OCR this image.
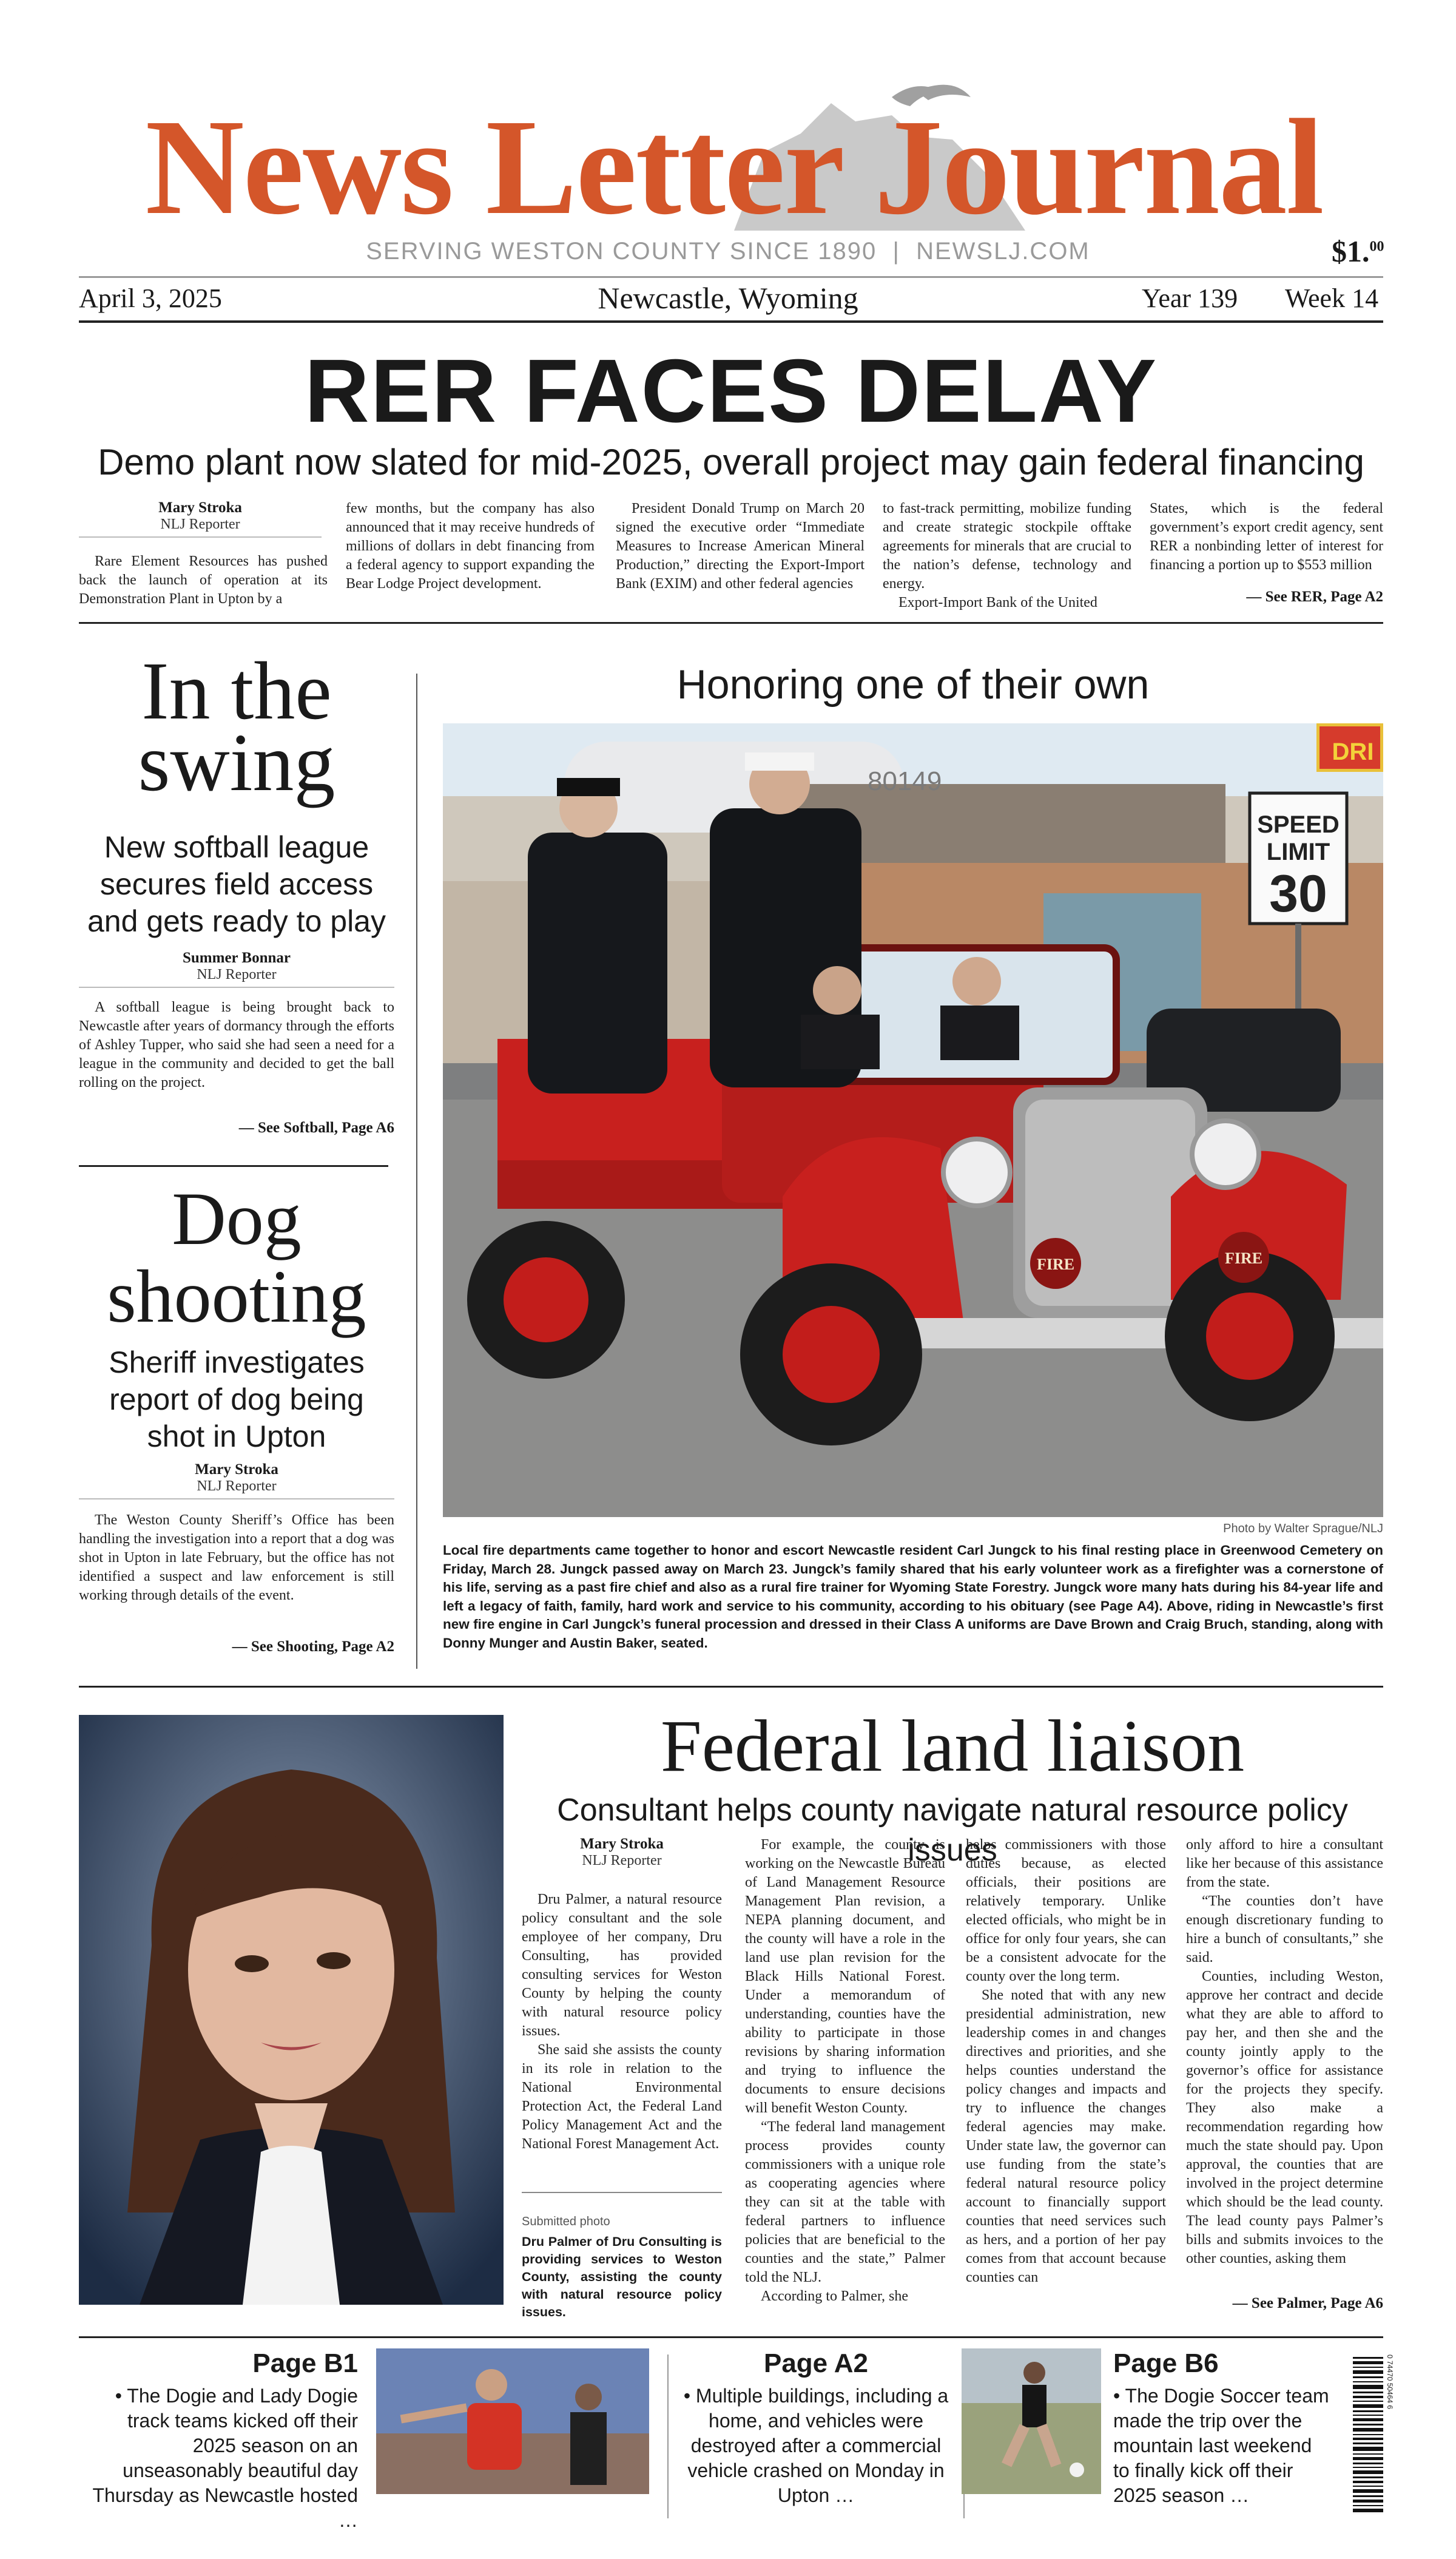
News Letter Journal
SERVING WESTON COUNTY SINCE 1890  |  NEWSLJ.COM	$1.00
April 3, 2025	Newcastle, Wyoming	Year 139 Week 14
RER FACES DELAY
Demo plant now slated for mid-2025, overall project may gain federal financing
Mary Stroka
NLJ Reporter

Rare Element Resources has pushed back the launch of operation at its Demonstration Plant in Upton by a

few months, but the company has also announced that it may receive hundreds of millions of dollars in debt financing from a federal agency to support expanding the Bear Lodge Project development.

President Donald Trump on March 20 signed the executive order “Immediate Measures to Increase American Mineral Production,” directing the Export-Import Bank (EXIM) and other federal agencies

to fast-track permitting, mobilize funding and create strategic stockpile offtake agreements for minerals that are crucial to the nation’s defense, technology and energy.

Export-Import Bank of the United

States, which is the federal government’s export credit agency, sent RER a nonbinding letter of interest for financing a portion up to $553 million

— See RER, Page A2
In the
swing
New softball league secures field access and gets ready to play
Summer Bonnar
NLJ Reporter

A softball league is being brought back to Newcastle after years of dormancy through the efforts of Ashley Tupper, who said she had seen a need for a league in the community and decided to get the ball rolling on the project.

— See Softball, Page A6
Dog
shooting
Sheriff investigates report of dog being shot in Upton
Mary Stroka
NLJ Reporter

The Weston County Sheriff’s Office has been handling the investigation into a report that a dog was shot in Upton in late February, but the office has not identified a suspect and law enforcement is still working through details of the event.

— See Shooting, Page A2
Honoring one of their own
80149
SPEED
LIMIT
30
FIRE	FIRE
DRI
Photo by Walter Sprague/NLJ
Local fire departments came together to honor and escort Newcastle resident Carl Jungck to his final resting place in Greenwood Cemetery on Friday, March 28. Jungck passed away on March 23. Jungck’s family shared that his early volunteer work as a firefighter was a cornerstone of his life, serving as a past fire chief and also as a rural fire trainer for Wyoming State Forestry. Jungck wore many hats during his 84-year life and left a legacy of faith, family, hard work and service to his community, according to his obituary (see Page A4). Above, riding in Newcastle’s first new fire engine in Carl Jungck’s funeral procession and dressed in their Class A uniforms are Dave Brown and Craig Bruch, standing, along with Donny Munger and Austin Baker, seated.
Federal land liaison
Consultant helps county navigate natural resource policy issues
Mary Stroka
NLJ Reporter

Dru Palmer, a natural resource policy consultant and the sole employee of her company, Dru Consulting, has provided consulting services for Weston County by helping the county with natural resource policy issues.

She said she assists the county in its role in relation to the National Environmental Protection Act, the Federal Land Policy Management Act and the National Forest Management Act.

Submitted photo
Dru Palmer of Dru Consulting is providing services to Weston County, assisting the county with natural resource policy issues.

For example, the county is working on the Newcastle Bureau of Land Management Resource Management Plan revision, a NEPA planning document, and the county will have a role in the land use plan revision for the Black Hills National Forest. Under a memorandum of understanding, counties have the ability to participate in those revisions by sharing information and trying to influence the documents to ensure decisions will benefit Weston County.

“The federal land management process provides county commissioners with a unique role as cooperating agencies where they can sit at the table with federal partners to influence policies that are beneficial to the counties and the state,” Palmer told the NLJ.

According to Palmer, she

helps commissioners with those duties because, as elected officials, their positions are relatively temporary. Unlike elected officials, who might be in office for only four years, she can be a consistent advocate for the county over the long term.

She noted that with any new presidential administration, new leadership comes in and changes directives and priorities, and she helps counties understand the policy changes and impacts and try to influence the changes federal agencies may make. Under state law, the governor can use funding from the state’s federal natural resource policy account to financially support counties that need services such as hers, and a portion of her pay comes from that account because counties can

only afford to hire a consultant like her because of this assistance from the state.

“The counties don’t have enough discretionary funding to hire a bunch of consultants,” she said.

Counties, including Weston, approve her contract and decide what they are able to afford to pay her, and then she and the county jointly apply to the governor’s office for assistance for the projects they specify. They also make a recommendation regarding how much the state should pay. Upon approval, the counties that are involved in the project determine which should be the lead county. The lead county pays Palmer’s bills and submits invoices to the other counties, asking them

— See Palmer, Page A6
Page B1
• The Dogie and Lady Dogie track teams kicked off their 2025 season on an unseasonably beautiful day Thursday as Newcastle hosted …
Page A2
• Multiple buildings, including a home, and vehicles were destroyed after a commercial vehicle crashed on Monday in Upton …
Page B6
• The Dogie Soccer team made the trip over the mountain last weekend to finally kick off their 2025 season …
0 74470 50464 6
